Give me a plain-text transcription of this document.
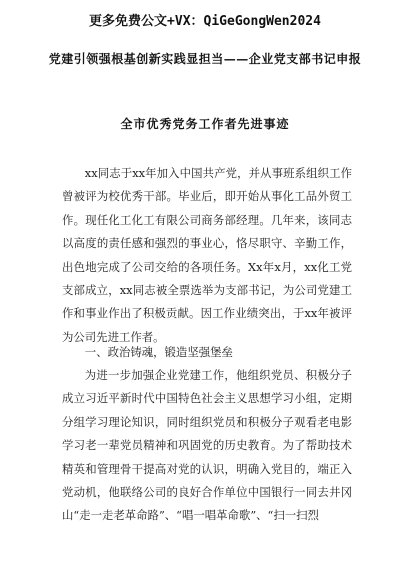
更多免费公文+VX：QiGeGongWen2024
党建引领强根基创新实践显担当——企业党支部书记申报
全市优秀党务工作者先进事迹

xx同志于xx年加入中国共产党，并从事班系组织工作曾被评为校优秀干部。毕业后，即开始从事化工品外贸工作。现任化工化工有限公司商务部经理。几年来，该同志以高度的责任感和强烈的事业心，恪尽职守、辛勤工作，出色地完成了公司交给的各项任务。Xx年x月，xx化工党支部成立，xx同志被全票选举为支部书记，为公司党建工作和事业作出了积极贡献。因工作业绩突出，于xx年被评为公司先进工作者。

一、政治铸魂，锻造坚强堡垒

为进一步加强企业党建工作，他组织党员、积极分子成立习近平新时代中国特色社会主义思想学习小组，定期分组学习理论知识，同时组织党员和积极分子观看老电影学习老一辈党员精神和巩固党的历史教育。为了帮助技术精英和管理骨干提高对党的认识，明确入党目的，端正入党动机，他联络公司的良好合作单位中国银行一同去井冈山“走一走老革命路”、“唱一唱革命歌”、“扫一扫烈
